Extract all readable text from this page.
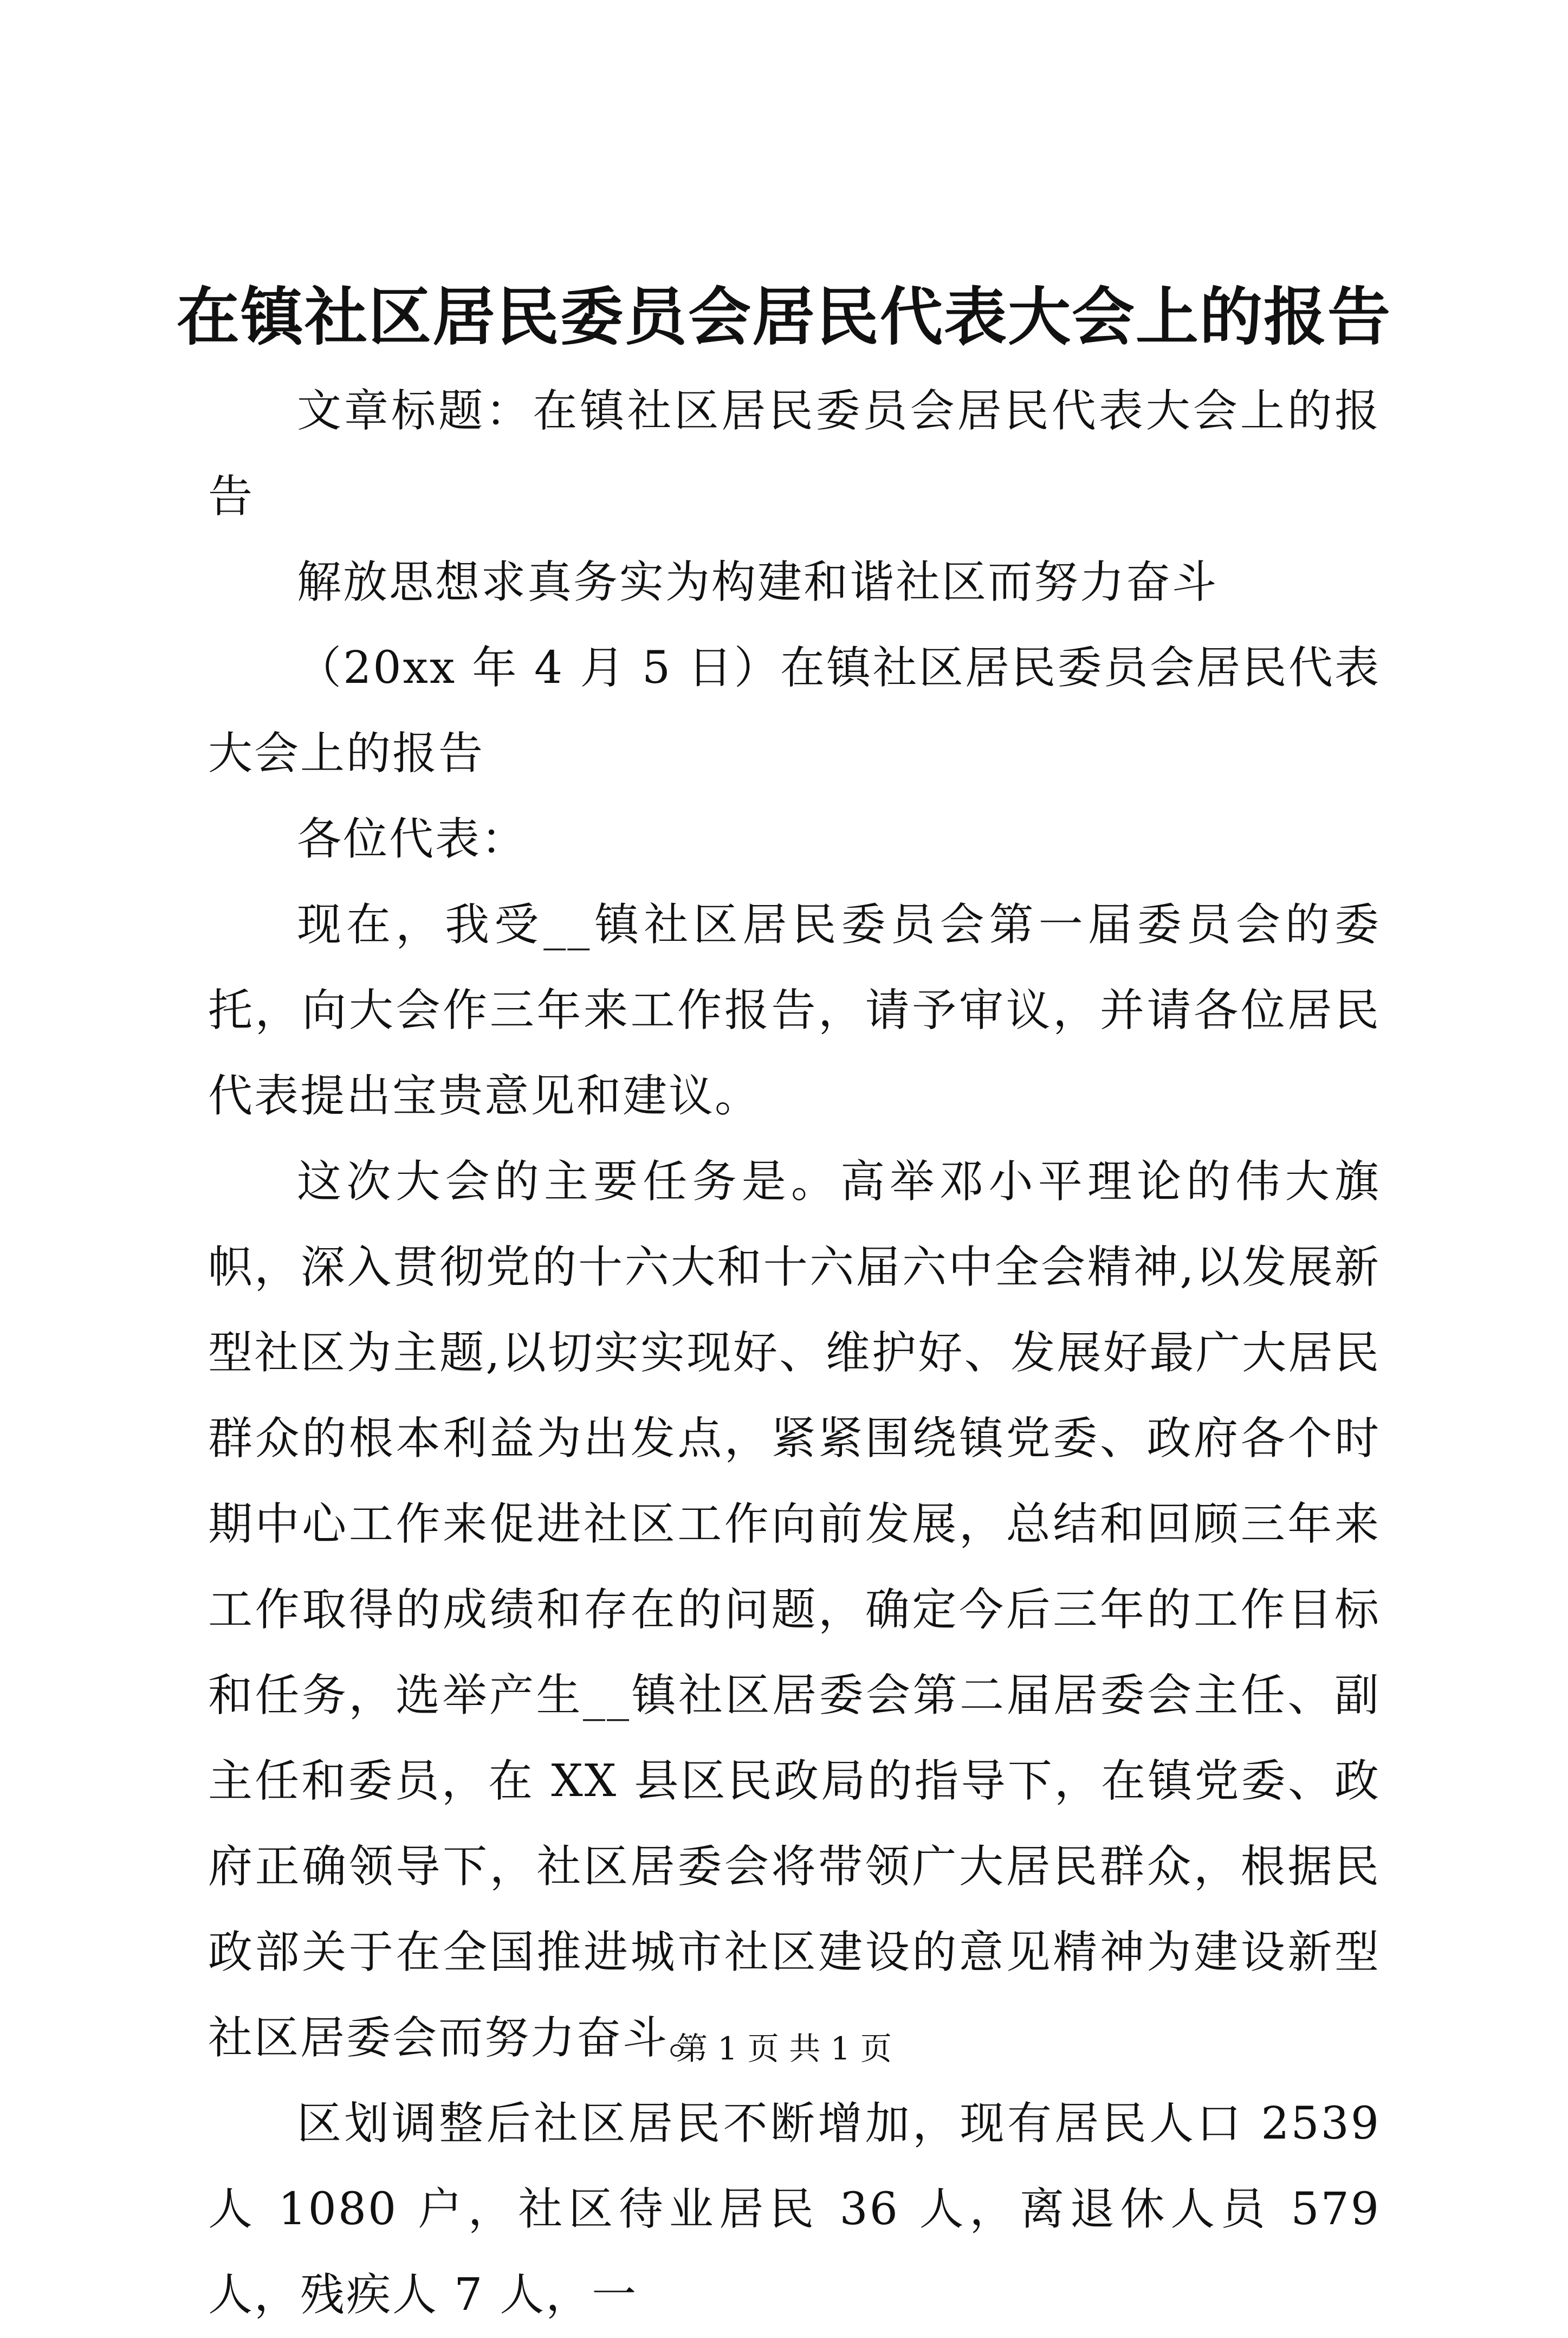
在镇社区居民委员会居民代表大会上的报告

文章标题：在镇社区居民委员会居民代表大会上的报告

解放思想求真务实为构建和谐社区而努力奋斗

（20xx 年 4 月 5 日）在镇社区居民委员会居民代表大会上的报告

各位代表：

现在，我受__镇社区居民委员会第一届委员会的委托，向大会作三年来工作报告，请予审议，并请各位居民代表提出宝贵意见和建议。

这次大会的主要任务是。高举邓小平理论的伟大旗帜，深入贯彻党的十六大和十六届六中全会精神,以发展新型社区为主题,以切实实现好、维护好、发展好最广大居民群众的根本利益为出发点，紧紧围绕镇党委、政府各个时期中心工作来促进社区工作向前发展，总结和回顾三年来工作取得的成绩和存在的问题，确定今后三年的工作目标和任务，选举产生__镇社区居委会第二届居委会主任、副主任和委员，在 XX 县区民政局的指导下，在镇党委、政府正确领导下，社区居委会将带领广大居民群众，根据民政部关于在全国推进城市社区建设的意见精神为建设新型社区居委会而努力奋斗。

区划调整后社区居民不断增加，现有居民人口 2539 人 1080 户，社区待业居民 36 人，离退休人员 579 人，残疾人 7 人，一

第 1 页 共 1 页
